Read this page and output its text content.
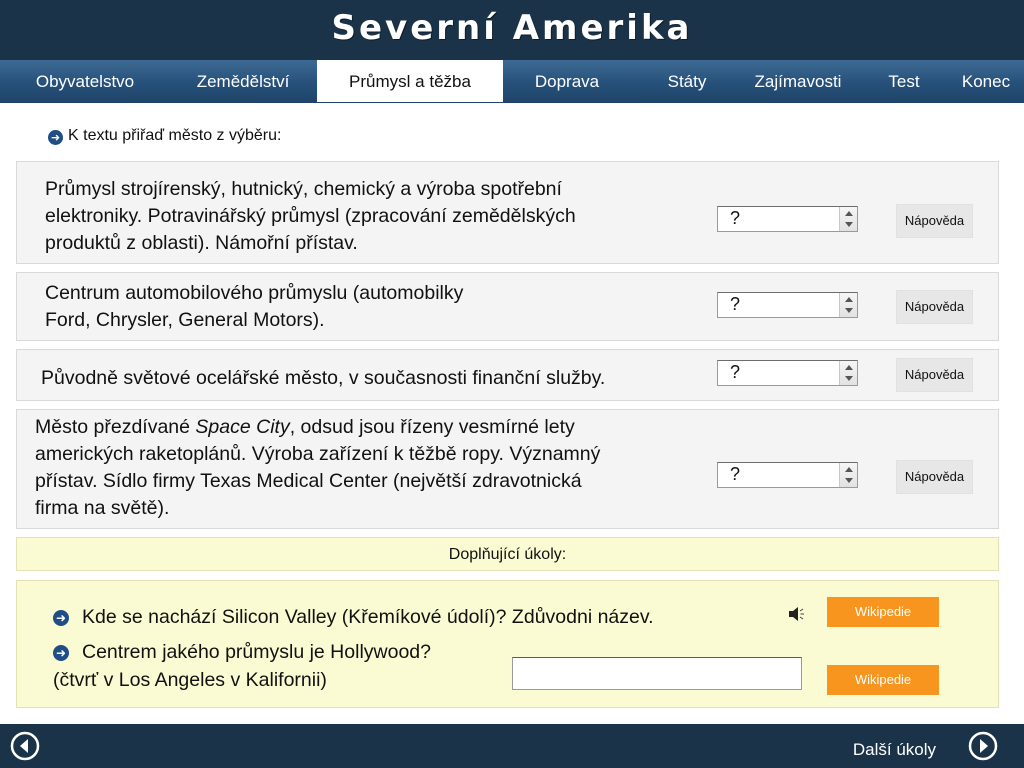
Severní Amerika
Obyvatelstvo	Zemědělství	Průmysl a těžba	Doprava	Státy	Zajímavosti	Test	Konec
➜ K textu přiřaď město z výběru:
Průmysl strojírenský, hutnický, chemický a výroba spotřební
elektroniky. Potravinářský průmysl (zpracování zemědělských
produktů z oblasti). Námořní přístav.
?	Nápověda
Centrum automobilového průmyslu (automobilky
Ford, Chrysler, General Motors).
?	Nápověda
Původně světové ocelářské město, v současnosti finanční služby.	?	Nápověda
Město přezdívané Space City, odsud jsou řízeny vesmírné lety
amerických raketoplánů. Výroba zařízení k těžbě ropy. Významný
přístav. Sídlo firmy Texas Medical Center (největší zdravotnická
firma na světě).
?	Nápověda
Doplňující úkoly:
➜ Kde se nachází Silicon Valley (Křemíkové údolí)? Zdůvodni název.	Wikipedie
➜ Centrem jakého průmyslu je Hollywood?
(čtvrť v Los Angeles v Kalifornii)	Wikipedie
Další úkoly
